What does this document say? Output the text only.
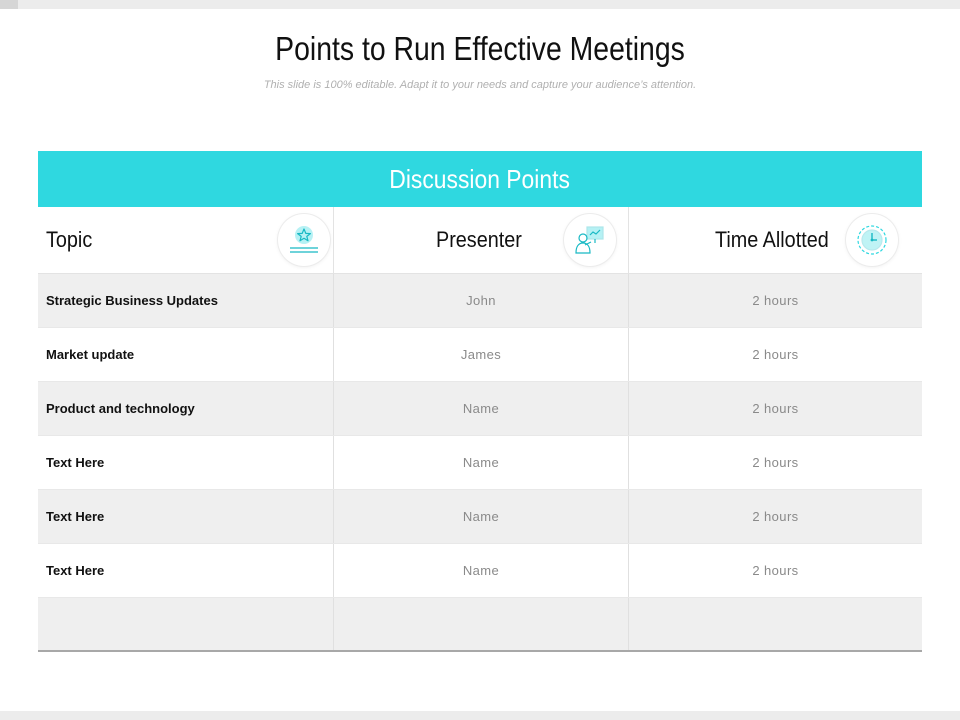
Points to Run Effective Meetings
This slide is 100% editable. Adapt it to your needs and capture your audience’s attention.
Discussion Points
Topic	Presenter	Time Allotted
Strategic Business Updates	John	2 hours
Market update	James	2 hours
Product and technology	Name	2 hours
Text Here	Name	2 hours
Text Here	Name	2 hours
Text Here	Name	2 hours
